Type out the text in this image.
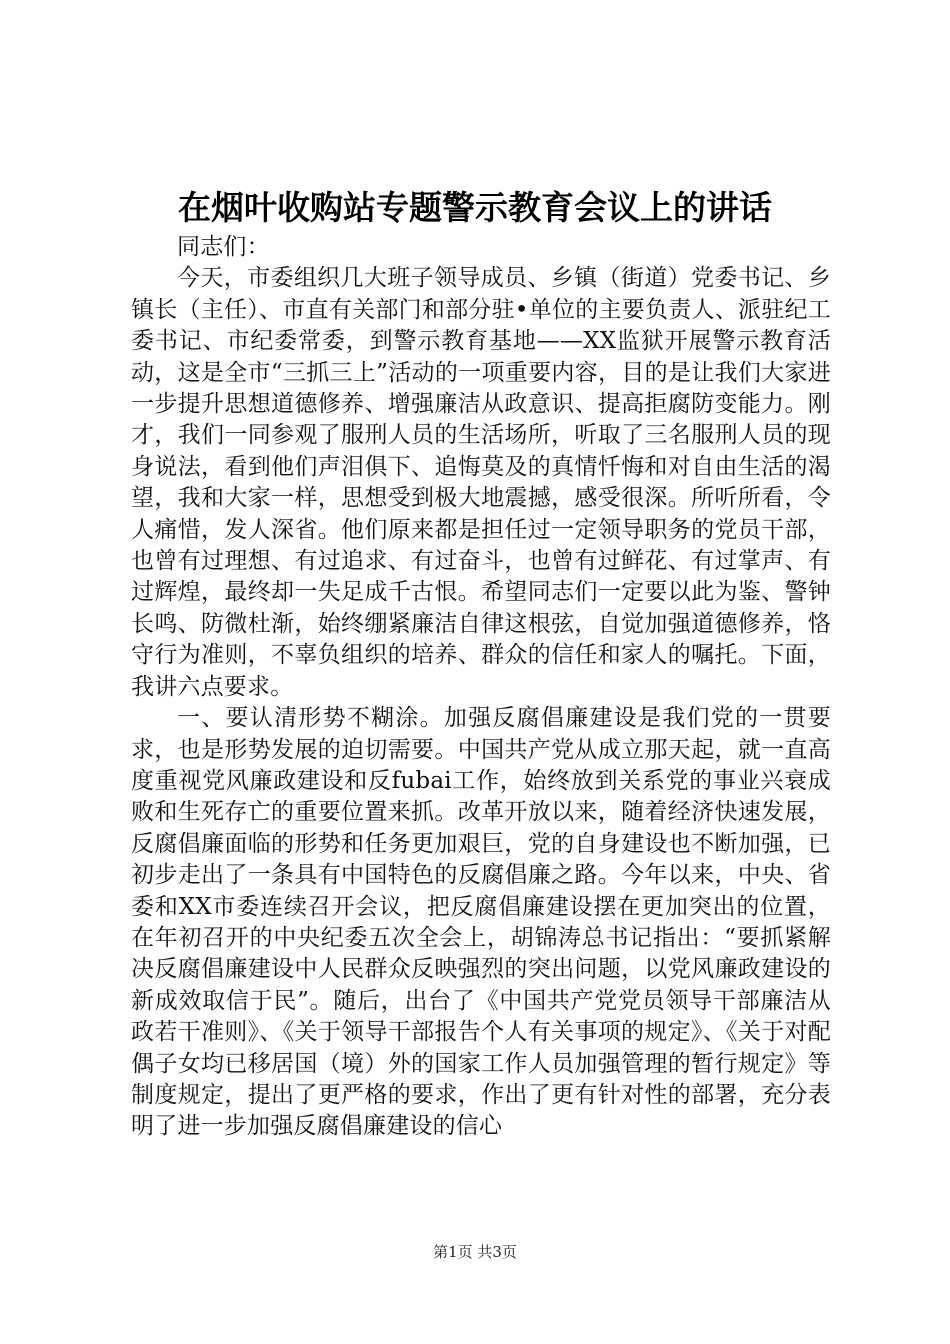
在烟叶收购站专题警示教育会议上的讲话

同志们：

今天，市委组织几大班子领导成员、乡镇（街道）党委书记、乡镇长（主任）、市直有关部门和部分驻•单位的主要负责人、派驻纪工委书记、市纪委常委，到警示教育基地——XX监狱开展警示教育活动，这是全市“三抓三上”活动的一项重要内容，目的是让我们大家进一步提升思想道德修养、增强廉洁从政意识、提高拒腐防变能力。刚才，我们一同参观了服刑人员的生活场所，听取了三名服刑人员的现身说法，看到他们声泪俱下、追悔莫及的真情忏悔和对自由生活的渴望，我和大家一样，思想受到极大地震撼，感受很深。所听所看，令人痛惜，发人深省。他们原来都是担任过一定领导职务的党员干部，也曾有过理想、有过追求、有过奋斗，也曾有过鲜花、有过掌声、有过辉煌，最终却一失足成千古恨。希望同志们一定要以此为鉴、警钟长鸣、防微杜渐，始终绷紧廉洁自律这根弦，自觉加强道德修养，恪守行为准则，不辜负组织的培养、群众的信任和家人的嘱托。下面，我讲六点要求。

一、要认清形势不糊涂。加强反腐倡廉建设是我们党的一贯要求，也是形势发展的迫切需要。中国共产党从成立那天起，就一直高度重视党风廉政建设和反fubai工作，始终放到关系党的事业兴衰成败和生死存亡的重要位置来抓。改革开放以来，随着经济快速发展，反腐倡廉面临的形势和任务更加艰巨，党的自身建设也不断加强，已初步走出了一条具有中国特色的反腐倡廉之路。今年以来，中央、省委和XX市委连续召开会议，把反腐倡廉建设摆在更加突出的位置，在年初召开的中央纪委五次全会上，胡锦涛总书记指出：“要抓紧解决反腐倡廉建设中人民群众反映强烈的突出问题，以党风廉政建设的新成效取信于民”。随后，出台了《中国共产党党员领导干部廉洁从政若干准则》、《关于领导干部报告个人有关事项的规定》、《关于对配偶子女均已移居国（境）外的国家工作人员加强管理的暂行规定》等制度规定，提出了更严格的要求，作出了更有针对性的部署，充分表明了进一步加强反腐倡廉建设的信心

第1页 共3页
